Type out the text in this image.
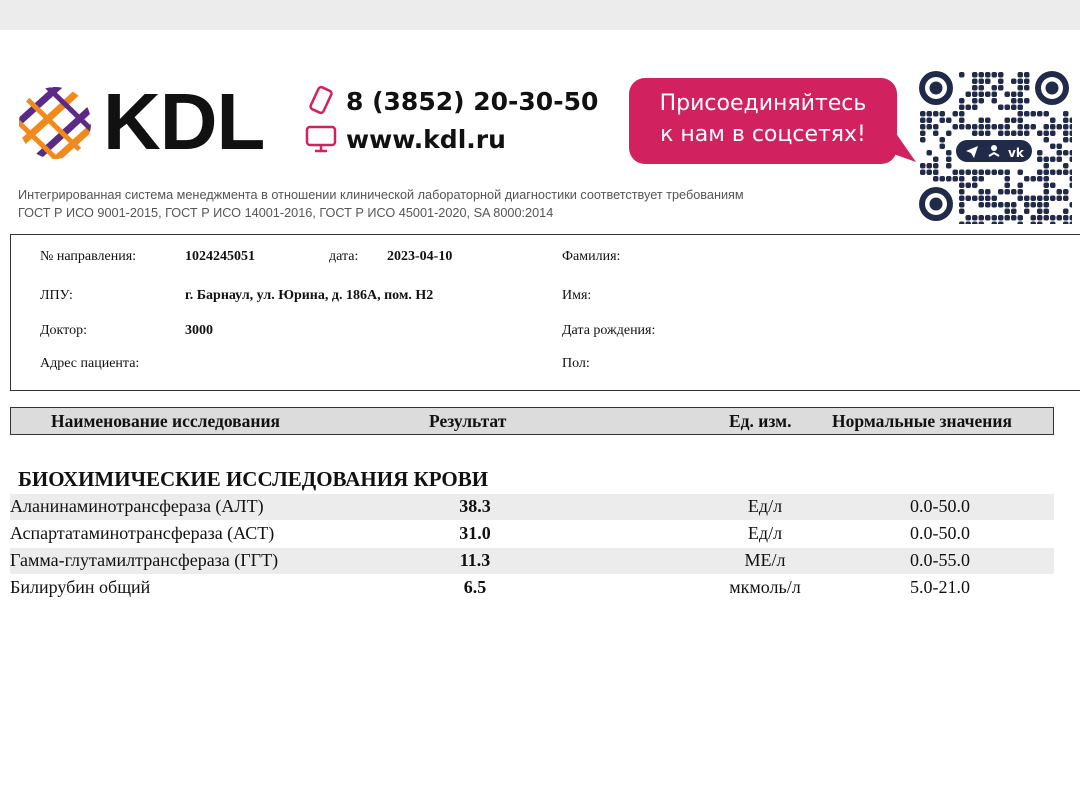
KDL	8 (3852) 20-30-50
www.kdl.ru
Присоединяйтесь
к нам в соцсетях!
vk
Интегрированная система менеджмента в отношении клинической лабораторной диагностики соответствует требованиям
ГОСТ Р ИСО 9001-2015, ГОСТ Р ИСО 14001-2016, ГОСТ Р ИСО 45001-2020, SA 8000:2014
№ направления:	1024245051	дата: 2023-04-10	Фамилия:
ЛПУ:	г. Барнаул, ул. Юрина, д. 186А, пом. Н2	Имя:
Доктор:	3000	Дата рождения:
Адрес пациента:	Пол:
Наименование исследования	Результат	Ед. изм. Нормальные значения
БИОХИМИЧЕСКИЕ ИССЛЕДОВАНИЯ КРОВИ
Аланинаминотрансфераза (АЛТ)	38.3	Ед/л	0.0-50.0
Аспартатаминотрансфераза (АСТ)	31.0	Ед/л	0.0-50.0
Гамма-глутамилтрансфераза (ГГТ)	11.3	МЕ/л	0.0-55.0
Билирубин общий	6.5	мкмоль/л	5.0-21.0
